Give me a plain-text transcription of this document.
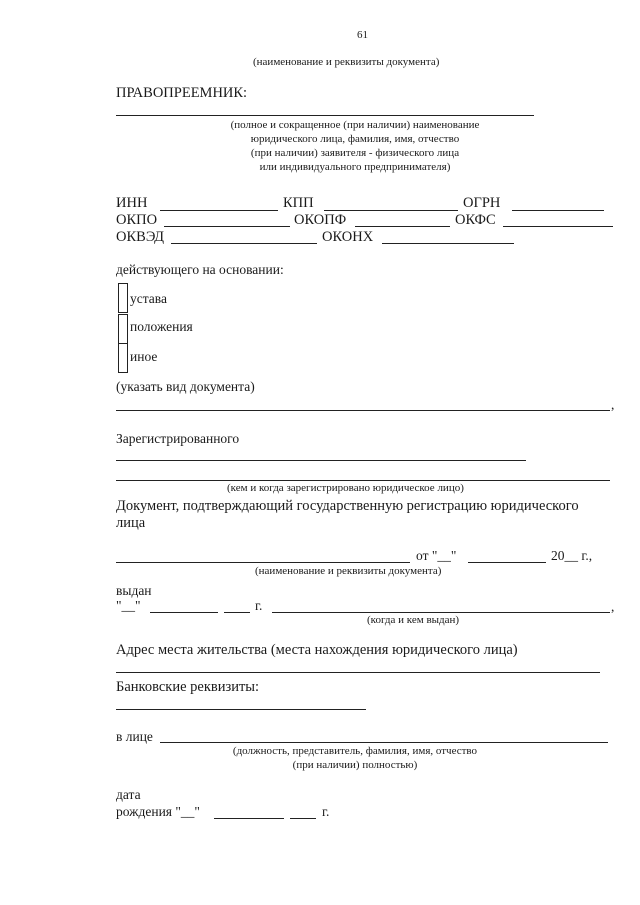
61
(наименование и реквизиты документа)
ПРАВОПРЕЕМНИК:
(полное и сокращенное (при наличии) наименование
юридического лица, фамилия, имя, отчество
(при наличии) заявителя - физического лица
или индивидуального предпринимателя)
ИНН	КПП	ОГРН
ОКПО	ОКОПФ	ОКФС
ОКВЭД	ОКОНХ
действующего на основании:
устава
положения
иное
(указать вид документа)
,
Зарегистрированного
(кем и когда зарегистрировано юридическое лицо)
Документ, подтверждающий государственную регистрацию юридического
лица
от "__"	20__ г.,
(наименование и реквизиты документа)
выдан
"__"	г.	,
(когда и кем выдан)
Адрес места жительства (места нахождения юридического лица)
Банковские реквизиты:
в лице
(должность, представитель, фамилия, имя, отчество
(при наличии) полностью)
дата
рождения "__"	г.
